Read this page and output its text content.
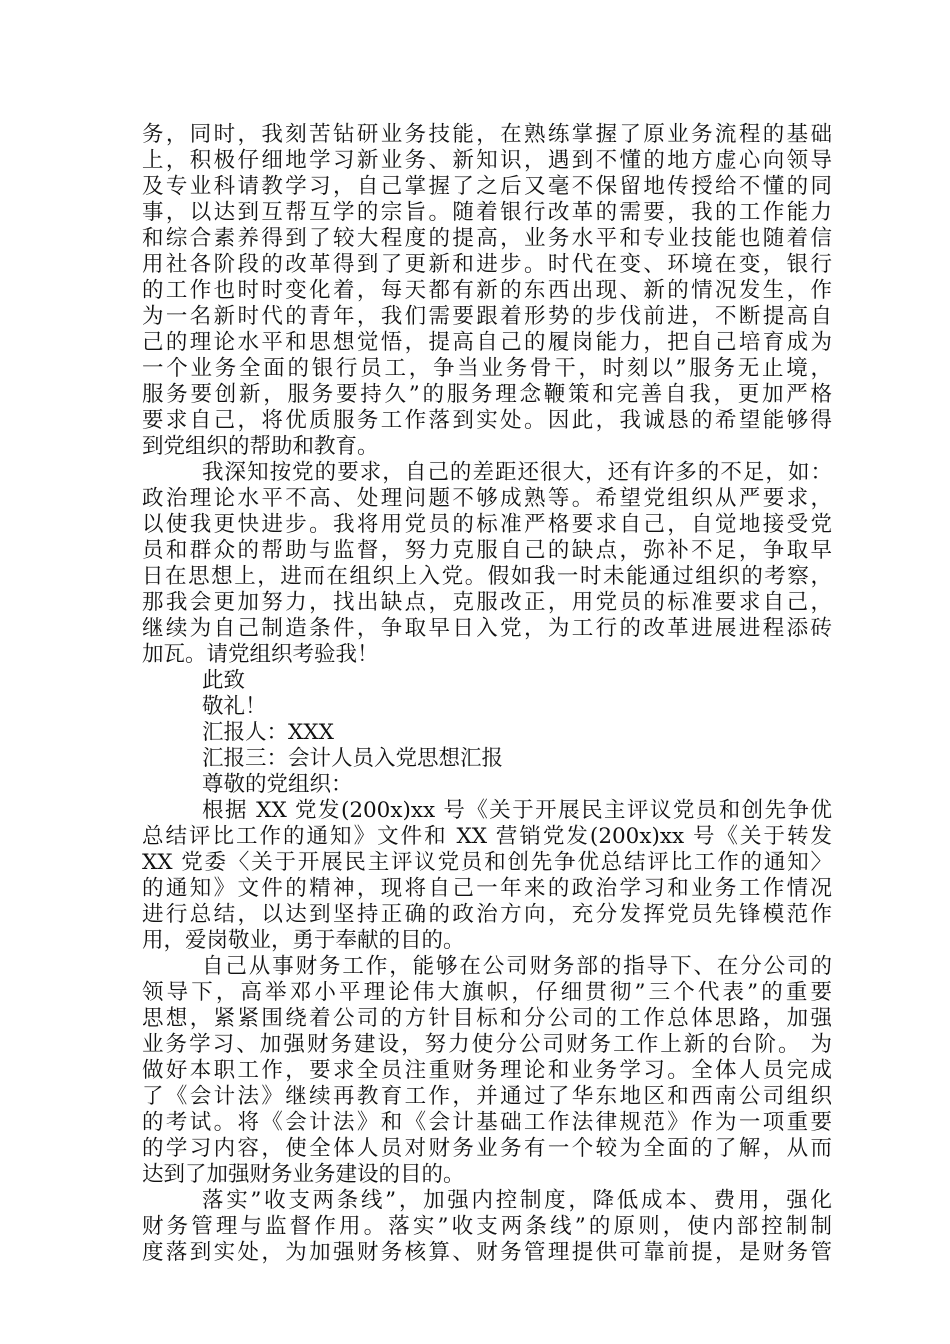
务，同时，我刻苦钻研业务技能，在熟练掌握了原业务流程的基础
上，积极仔细地学习新业务、新知识，遇到不懂的地方虚心向领导
及专业科请教学习，自己掌握了之后又毫不保留地传授给不懂的同
事，以达到互帮互学的宗旨。随着银行改革的需要，我的工作能力
和综合素养得到了较大程度的提高，业务水平和专业技能也随着信
用社各阶段的改革得到了更新和进步。时代在变、环境在变，银行
的工作也时时变化着，每天都有新的东西出现、新的情况发生，作
为一名新时代的青年，我们需要跟着形势的步伐前进，不断提高自
己的理论水平和思想觉悟，提高自己的履岗能力，把自己培育成为
一个业务全面的银行员工，争当业务骨干，时刻以”服务无止境，
服务要创新，服务要持久”的服务理念鞭策和完善自我，更加严格
要求自己，将优质服务工作落到实处。因此，我诚恳的希望能够得
到党组织的帮助和教育。
我深知按党的要求，自己的差距还很大，还有许多的不足，如：
政治理论水平不高、处理问题不够成熟等。希望党组织从严要求，
以使我更快进步。我将用党员的标准严格要求自己，自觉地接受党
员和群众的帮助与监督，努力克服自己的缺点，弥补不足，争取早
日在思想上，进而在组织上入党。假如我一时未能通过组织的考察，
那我会更加努力，找出缺点，克服改正，用党员的标准要求自己，
继续为自己制造条件，争取早日入党，为工行的改革进展进程添砖
加瓦。请党组织考验我！
此致
敬礼！
汇报人：XXX
汇报三：会计人员入党思想汇报
尊敬的党组织：
根据 XX 党发(200x)xx 号《关于开展民主评议党员和创先争优
总结评比工作的通知》文件和 XX 营销党发(200x)xx 号《关于转发
XX 党委〈关于开展民主评议党员和创先争优总结评比工作的通知〉
的通知》文件的精神，现将自己一年来的政治学习和业务工作情况
进行总结，以达到坚持正确的政治方向，充分发挥党员先锋模范作
用，爱岗敬业，勇于奉献的目的。
自己从事财务工作，能够在公司财务部的指导下、在分公司的
领导下，高举邓小平理论伟大旗帜，仔细贯彻”三个代表”的重要
思想，紧紧围绕着公司的方针目标和分公司的工作总体思路，加强
业务学习、加强财务建设，努力使分公司财务工作上新的台阶。 为
做好本职工作，要求全员注重财务理论和业务学习。全体人员完成
了《会计法》继续再教育工作，并通过了华东地区和西南公司组织
的考试。将《会计法》和《会计基础工作法律规范》作为一项重要
的学习内容，使全体人员对财务业务有一个较为全面的了解，从而
达到了加强财务业务建设的目的。
落实”收支两条线”，加强内控制度，降低成本、费用，强化
财务管理与监督作用。落实”收支两条线”的原则，使内部控制制
度落到实处，为加强财务核算、财务管理提供可靠前提，是财务管
